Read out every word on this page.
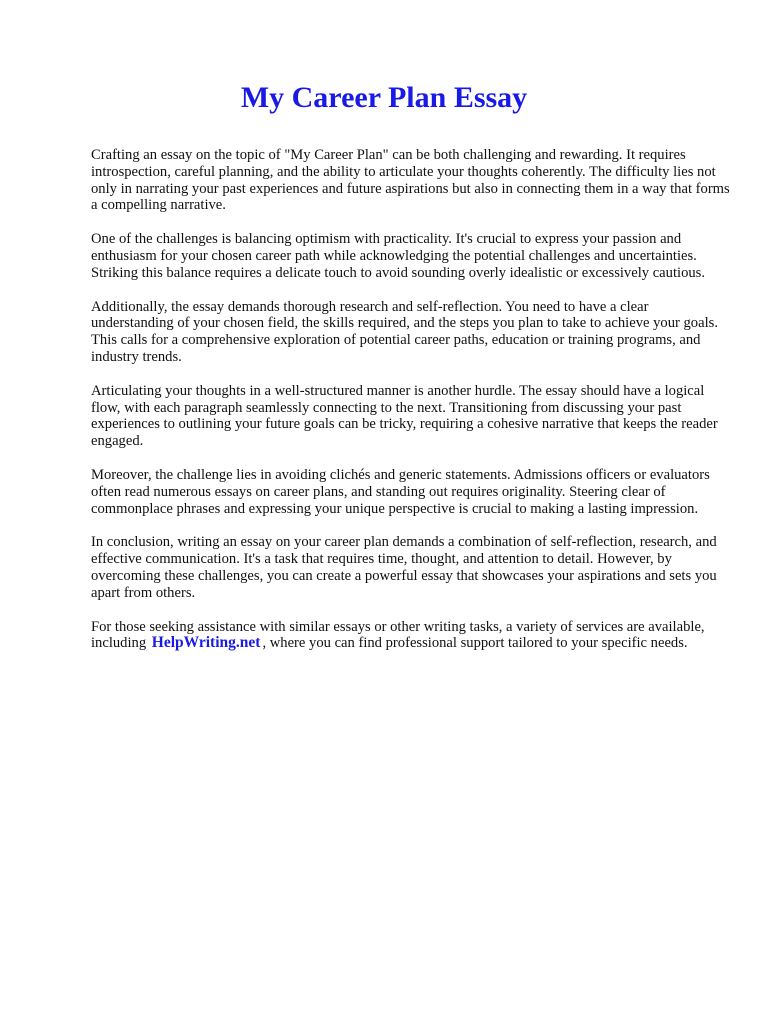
My Career Plan Essay

Crafting an essay on the topic of "My Career Plan" can be both challenging and rewarding. It requires introspection, careful planning, and the ability to articulate your thoughts coherently. The difficulty lies not only in narrating your past experiences and future aspirations but also in connecting them in a way that forms a compelling narrative.

One of the challenges is balancing optimism with practicality. It's crucial to express your passion and enthusiasm for your chosen career path while acknowledging the potential challenges and uncertainties. Striking this balance requires a delicate touch to avoid sounding overly idealistic or excessively cautious.

Additionally, the essay demands thorough research and self-reflection. You need to have a clear understanding of your chosen field, the skills required, and the steps you plan to take to achieve your goals. This calls for a comprehensive exploration of potential career paths, education or training programs, and industry trends.

Articulating your thoughts in a well-structured manner is another hurdle. The essay should have a logical flow, with each paragraph seamlessly connecting to the next. Transitioning from discussing your past experiences to outlining your future goals can be tricky, requiring a cohesive narrative that keeps the reader engaged.

Moreover, the challenge lies in avoiding clichés and generic statements. Admissions officers or evaluators often read numerous essays on career plans, and standing out requires originality. Steering clear of commonplace phrases and expressing your unique perspective is crucial to making a lasting impression.

In conclusion, writing an essay on your career plan demands a combination of self-reflection, research, and effective communication. It's a task that requires time, thought, and attention to detail. However, by overcoming these challenges, you can create a powerful essay that showcases your aspirations and sets you apart from others.

For those seeking assistance with similar essays or other writing tasks, a variety of services are available, including HelpWriting.net , where you can find professional support tailored to your specific needs.
